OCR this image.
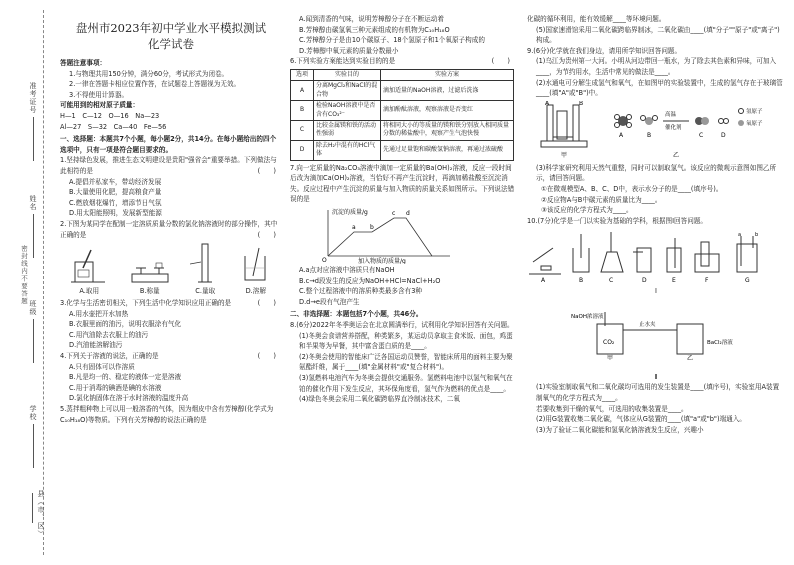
准考证号
姓名
班级
学校
县（市、区）
密封线内不要答题
盘州市2023年初中学业水平模拟测试
化学试卷
答题注意事项：
1.与物理共用150分钟，满分60分，考试形式为闭卷。
2.一律在答题卡相应位置作答，在试题卷上答题视为无效。
3.不得使用计算器。
可能用到的相对原子质量：
H—1　C—12　O—16　Na—23
Al—27　S—32　Ca—40　Fe—56
一、选择题：本题共7个小题，每小题2分，共14分。在每小题给出的四个选项中，只有一项是符合题目要求的。
1.坚持绿色发展，推进生态文明建设是贵阳"强省会"重要举措。下列做法与此相符的是	(　　)
A.提倡并私家车，带动经济发展
B.大量使用化肥，提高粮食产量
C.燃放烟花爆竹，增添节日气氛
D.用太阳能照明，发展新型能源
2.下图为某同学在配制一定溶质质量分数的氯化钠溶液时的部分操作，其中正确的是	(　　)
A.取用	B.称量	C.量取	D.溶解
3.化学与生活密切相关，下列生活中化学知识应用正确的是	(　　)
A.用水壶把开水加热
B.衣服里面的油污，说明衣服涂有气化
C.用汽油除去衣服上的油污
D.汽油能溶解油污
4.下列关于溶液的说法，正确的是	(　　)
A.只有固体可以作溶质
B.凡是均一的、稳定的液体一定是溶液
C.用于消毒的碘酒是碘的水溶液
D.氯化钠固体在溶于水时溶液的温度升高
5.蒸拌粗种物上可以用一般溶香的气体，因为烟皮中含有芳樟醇(化学式为C₁₀H₁₈O)等物质。下列有关芳樟醇的说法正确的是
A.闻到清香的气味，说明芳樟醇分子在不断运动着
B.芳樟醇由碳氢氧三种元素组成的有机物为C₁₀H₁₈O
C.芳樟醇分子是由10个碳原子、18个氢原子和1个氧原子构成的
D.芳樟醇中氧元素的质量分数最小
6.下列实验方案能达到实验目的的是	(　　)
选项	实验目的	实验方案
A	分离MgCl₂和NaCl的混合物	滴加适量的NaOH溶液，过滤后洗涤
B	检验NaOH溶液中是否含有CO₃²⁻	滴加酚酞溶液，观察溶液是否变红
C	比较金属镁和铁的活动性强弱	将相同大小的等质量的镁和铁分别放入相同质量分数的稀盐酸中，观察产生气泡快慢
D	除去H₂中混有的HCl气体	先通过足量饱和碳酸氢钠溶液，再通过浓硫酸
7.向一定质量的Na₂CO₃溶液中滴加一定质量的Ba(OH)₂溶液，反应一段时间后改为滴加Ca(OH)₂溶液，当恰好不再产生沉淀时，再滴加稀盐酸至沉淀消失。反应过程中产生沉淀的质量与加入物质的质量关系如图所示。下列说法错误的是
沉淀的质量/g
加入物质的质量/g
O
a b
c d
A.a点对应溶液中溶质只有NaOH
B.c→d段发生的反应为NaOH+HCl=NaCl+H₂O
C.整个过程溶液中的溶质种类最多含有3种
D.d→e段有气泡产生
二、非选择题：本题包括7个小题，共46分。
8.(6分)2022年冬季奥运会在北京圆满举行，试利用化学知识回答有关问题。
(1)冬奥会食谱营养搭配，种类繁多，某运动员拿取主食米饭、面包，鸡蛋和半果等为早餐，其中富含蛋白质的是____。
(2)冬奥会使用的智能床广泛各国运动员赞誉，智能床所用的面料主要为聚氨酯纤维，属于____(填"金属材料"或"复合材料")。
(3)氢燃料电池汽车为冬奥会提供交通服务。氢燃料电池中以氢气和氧气在铂的催化作用下发生反应，其环保角度看，氢气作为燃料的优点是____。
(4)绿色冬奥会采用二氧化碳跨临界直冷制冰技术，二氧
化碳的循环利用，能有效缓解____等环境问题。
(5)国家速滑馆采用二氧化碳跨临界制冰，二氧化碳由____(填"分子""原子"或"离子")构成。
9.(6分)化学就在我们身边，请用所学知识回答问题。
(1)乌江为贵州第一大河。小明从河边带回一瓶水，为了除去其色素和异味，可加入____，为节约用水，生活中常见的做法是____。
(2)水通电可分解生成氢气和氧气，在如图甲的实验装置中，生成的氢气存在于玻璃管____(填"A"或"B")中。
A	B
甲
A	B
高温
催化剂
C	D
乙
氢原子
氧原子
(3)科学家研究利用天然气重整，同时可以制取氢气。该反应的微观示意图如图乙所示，请回答问题。
①在微观模型A、B、C、D中，表示水分子的是____(填序号)。
②反应物A与B中碳元素的质量比为____。
③该反应的化学方程式为____。
10.(7分)化学是一门以实验为基础的学科，根据图Ⅰ回答问题。
A	B	C	D	E	F
a	b
G
Ⅰ
NaOH浓溶液
止水夹
CO₂	BaCl₂溶液
甲	乙
Ⅱ
(1)实验室制取氧气和二氧化碳均可选用的发生装置是____(填序号)，实验室用A装置制氧气的化学方程式为____。
若要收集到干燥的氧气，可选用的收集装置是____。
(2)用G装置收集二氧化碳，气体应从G装置的____(填"a"或"b")端通入。
(3)为了验证二氧化碳能和氢氧化钠溶液发生反应，兴趣小
